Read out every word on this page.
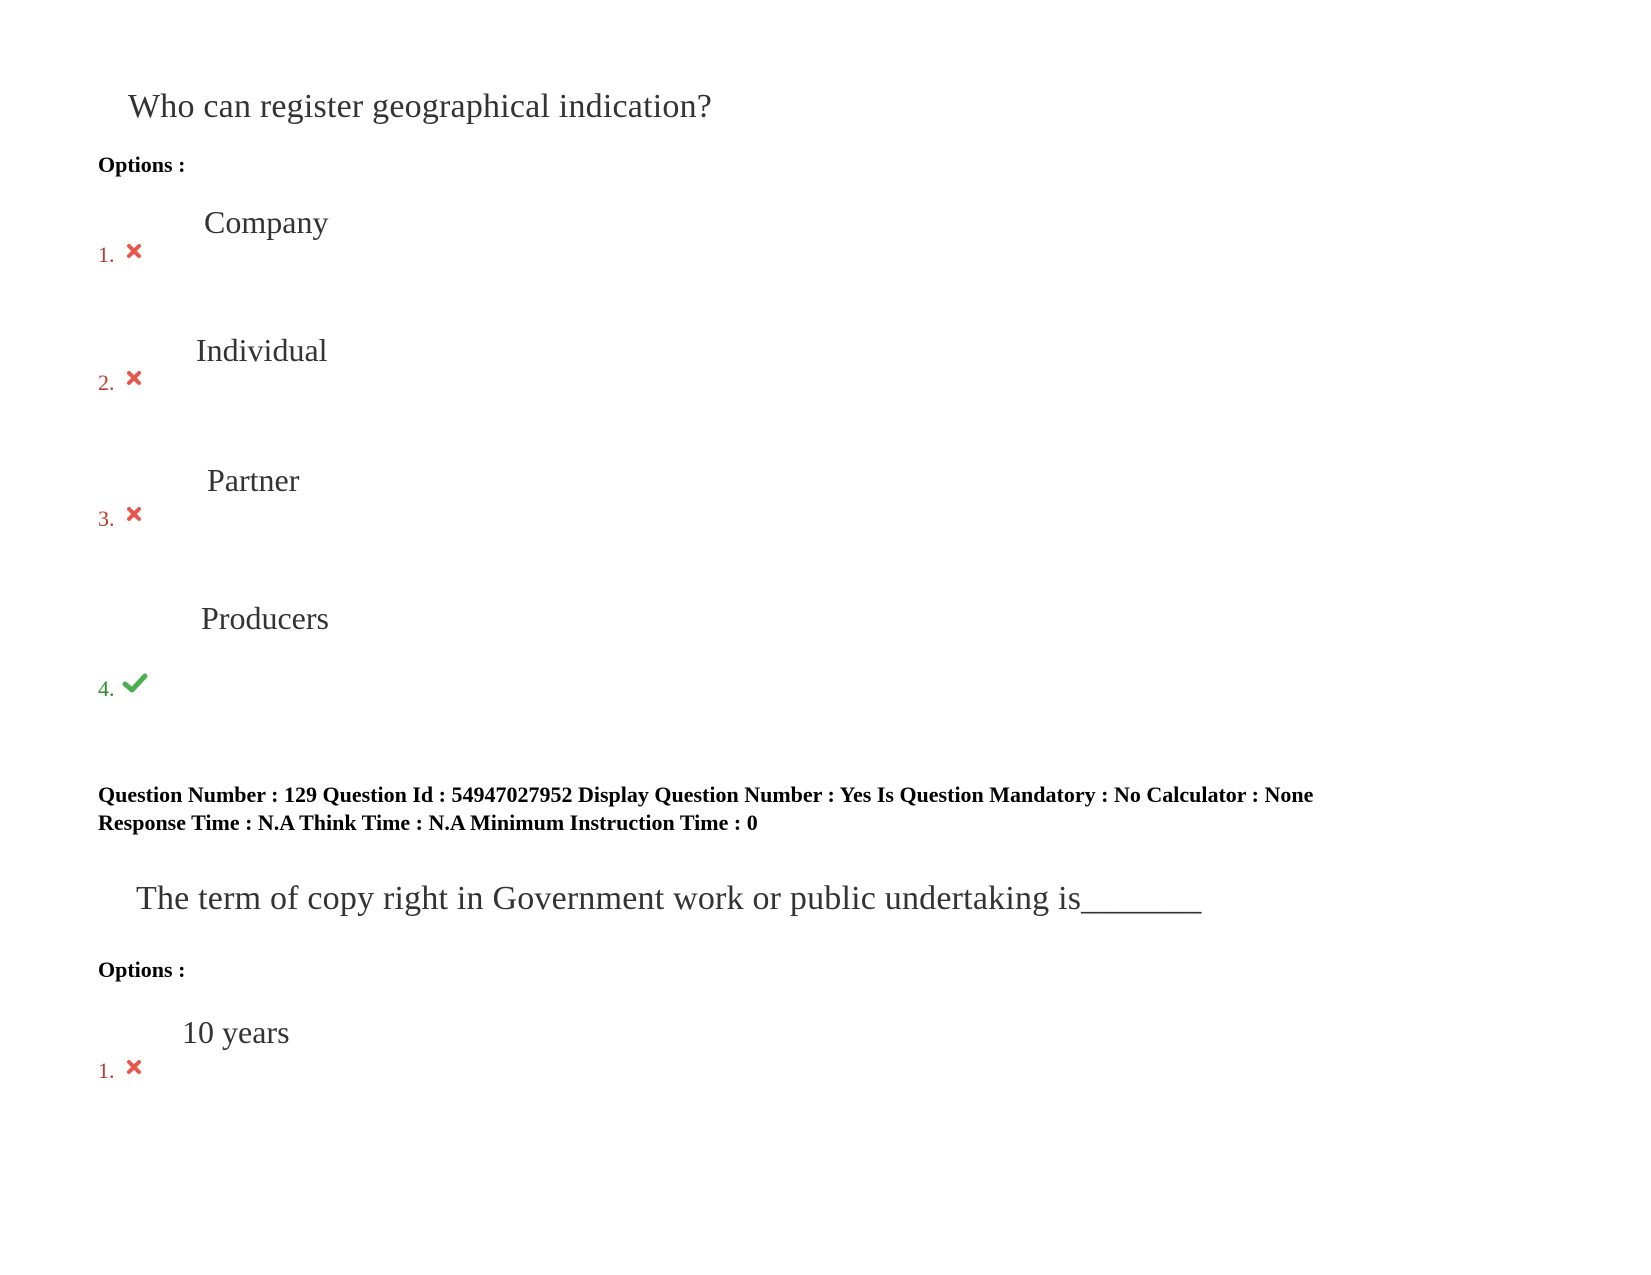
Who can register geographical indication?
Options :
Company
1.
Individual
2.
Partner
3.
Producers
4.
Question Number : 129 Question Id : 54947027952 Display Question Number : Yes Is Question Mandatory : No Calculator : None
Response Time : N.A Think Time : N.A Minimum Instruction Time : 0
The term of copy right in Government work or public undertaking is_______
Options :
10 years
1.
